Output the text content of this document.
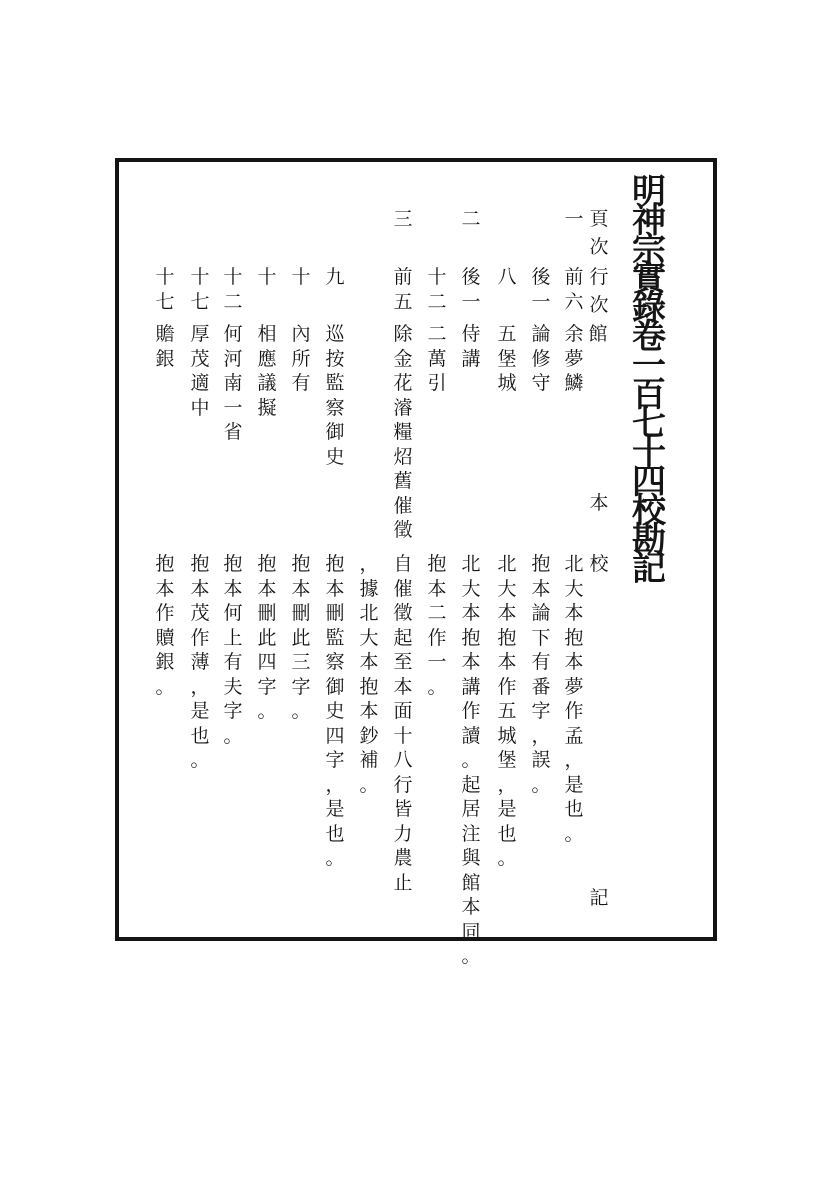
明
神
宗
實
錄
卷
一
百
七
十
四
校
勘
記
頁
次
行
次
館
本
校
記
一
前
六
余
夢
鱗
北
大
本
抱
本
夢
作
孟
，
是
也
。
後
一
論
修
守
抱
本
論
下
有
番
字
，
誤
。
八
五
堡
城
北
大
本
抱
本
作
五
城
堡
，
是
也
。
二
後
一
侍
講
北
大
本
抱
本
講
作
讀
。
起
居
注
與
館
本
同
。
十
二
二
萬
引
抱
本
二
作
一
。
三
前
五
除
金
花
濬
糧
炤
舊
催
徵
自
催
徵
起
至
本
面
十
八
行
皆
力
農
止
九
巡
按
監
察
御
史
抱
本
刪
監
察
御
史
四
字
，
是
也
。
十
內
所
有
抱
本
刪
此
三
字
。
十
相
應
議
擬
抱
本
刪
此
四
字
。
十
二
何
河
南
一
省
抱
本
何
上
有
夫
字
。
十
七
厚
茂
適
中
抱
本
茂
作
薄
，
是
也
。
十
七
贍
銀
抱
本
作
贖
銀
。
，
據
北
大
本
抱
本
鈔
補
。
